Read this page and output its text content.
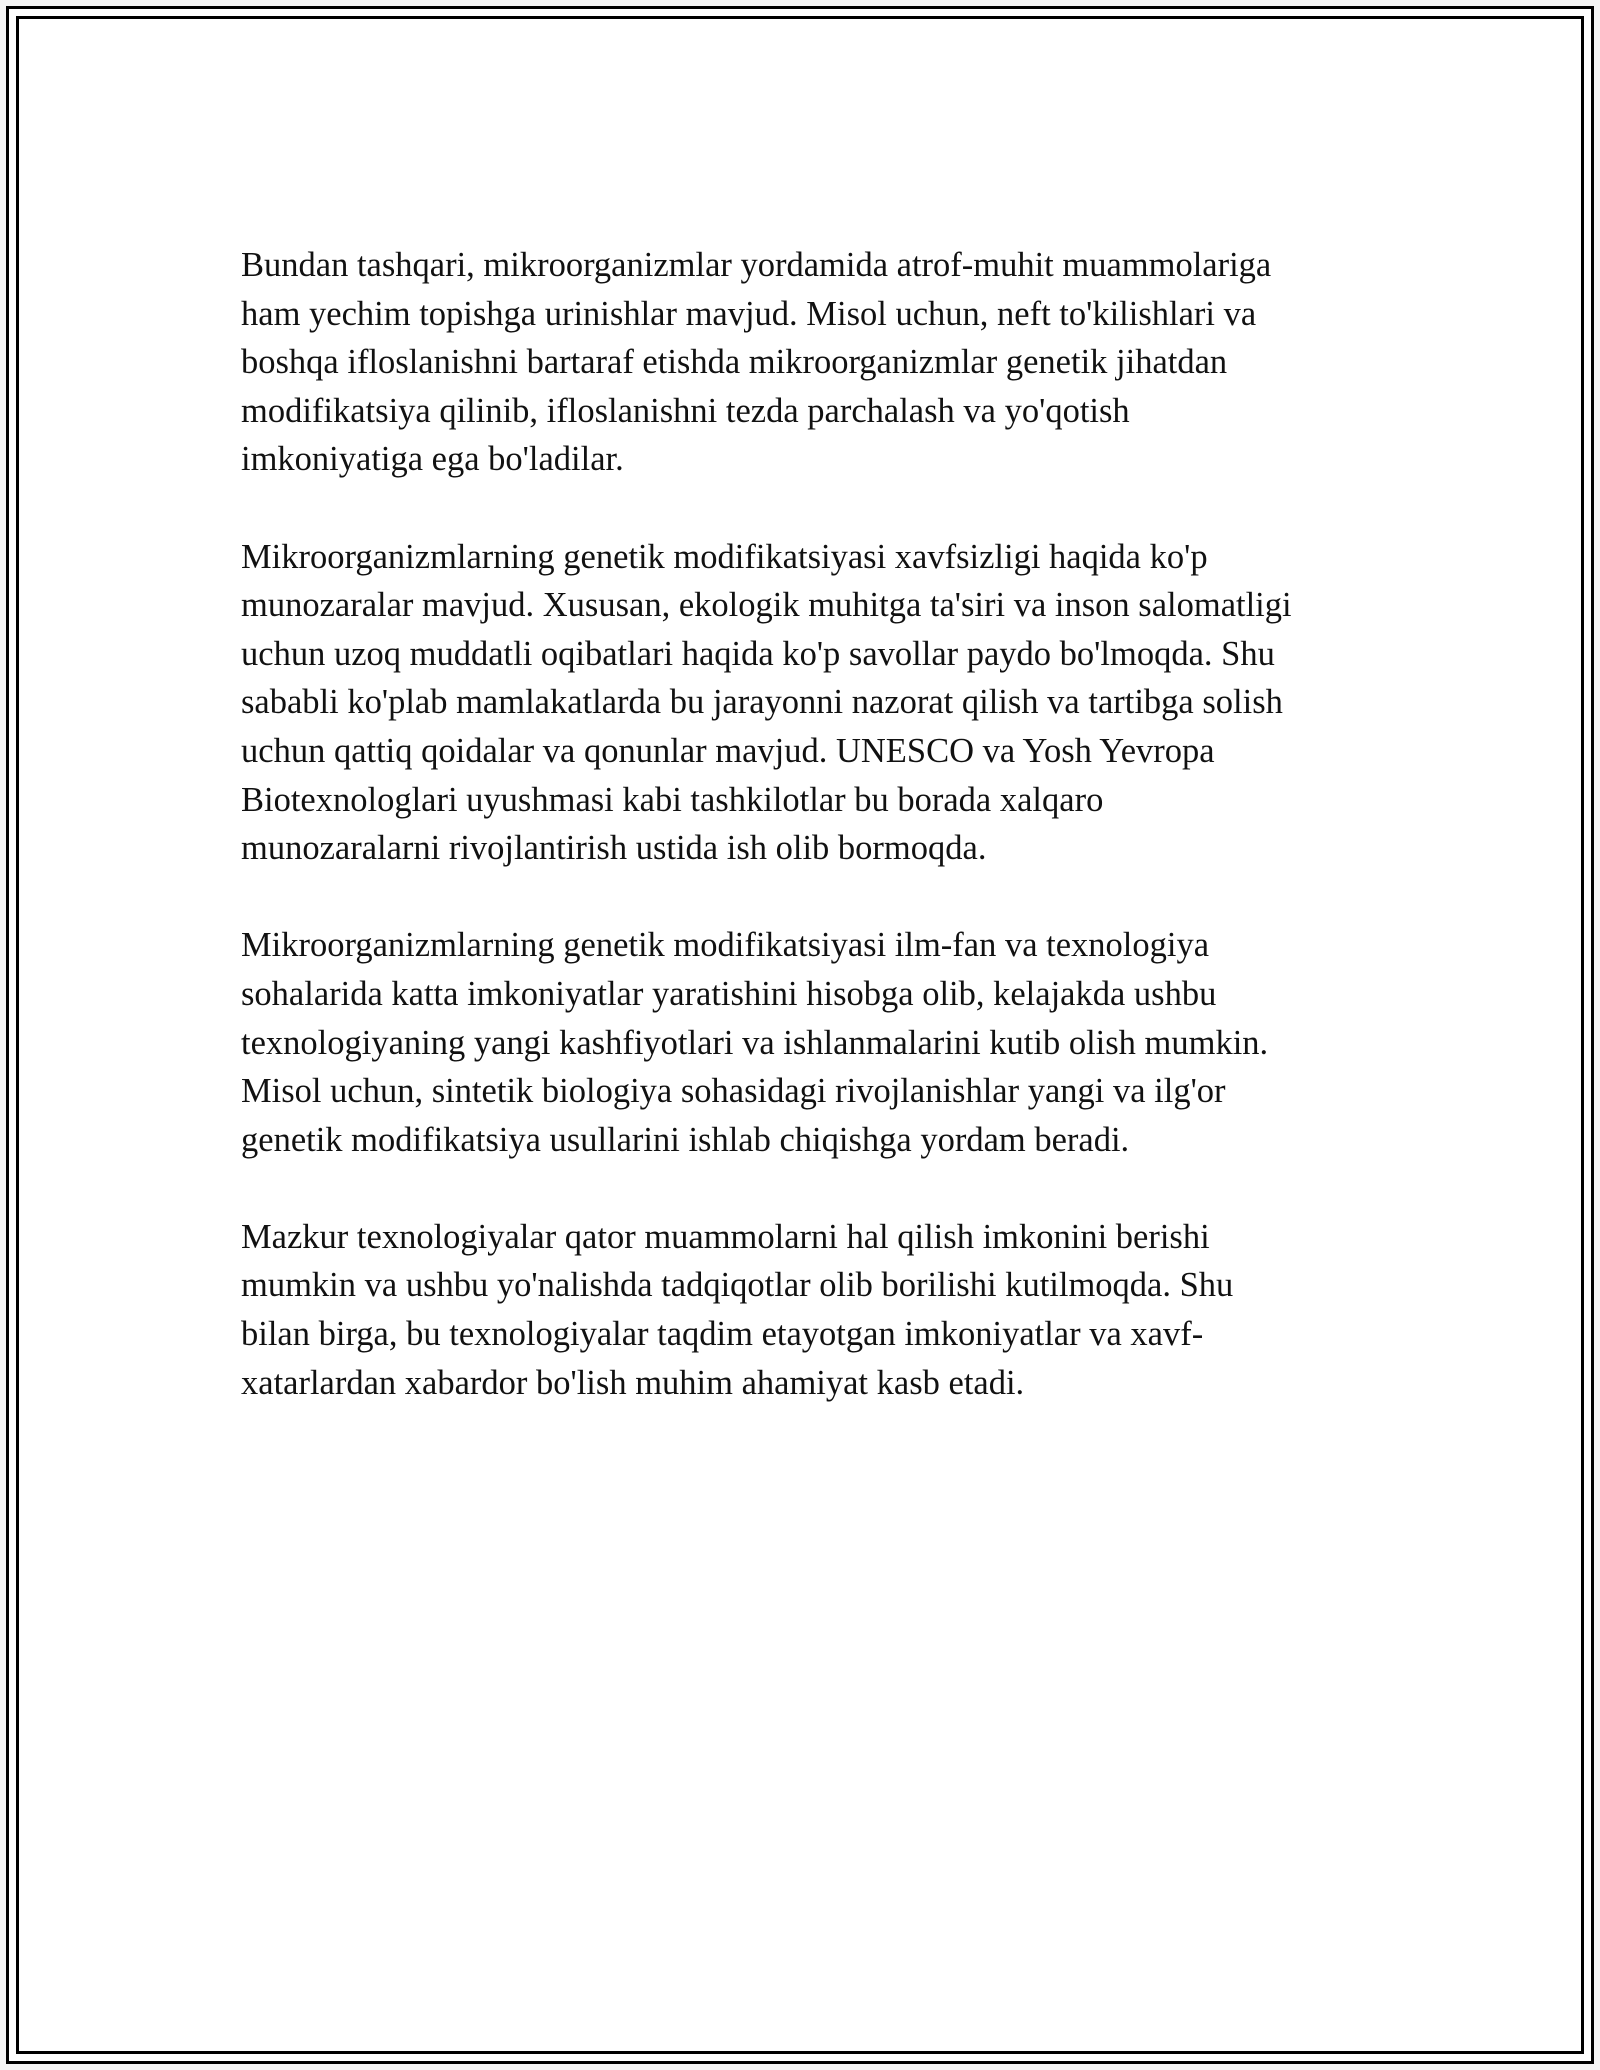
Bundan tashqari, mikroorganizmlar yordamida atrof-muhit muammolariga
ham yechim topishga urinishlar mavjud. Misol uchun, neft to'kilishlari va
boshqa ifloslanishni bartaraf etishda mikroorganizmlar genetik jihatdan
modifikatsiya qilinib, ifloslanishni tezda parchalash va yo'qotish
imkoniyatiga ega bo'ladilar.

Mikroorganizmlarning genetik modifikatsiyasi xavfsizligi haqida ko'p
munozaralar mavjud. Xususan, ekologik muhitga ta'siri va inson salomatligi
uchun uzoq muddatli oqibatlari haqida ko'p savollar paydo bo'lmoqda. Shu
sababli ko'plab mamlakatlarda bu jarayonni nazorat qilish va tartibga solish
uchun qattiq qoidalar va qonunlar mavjud. UNESCO va Yosh Yevropa
Biotexnologlari uyushmasi kabi tashkilotlar bu borada xalqaro
munozaralarni rivojlantirish ustida ish olib bormoqda.

Mikroorganizmlarning genetik modifikatsiyasi ilm-fan va texnologiya
sohalarida katta imkoniyatlar yaratishini hisobga olib, kelajakda ushbu
texnologiyaning yangi kashfiyotlari va ishlanmalarini kutib olish mumkin.
Misol uchun, sintetik biologiya sohasidagi rivojlanishlar yangi va ilg'or
genetik modifikatsiya usullarini ishlab chiqishga yordam beradi.

Mazkur texnologiyalar qator muammolarni hal qilish imkonini berishi
mumkin va ushbu yo'nalishda tadqiqotlar olib borilishi kutilmoqda. Shu
bilan birga, bu texnologiyalar taqdim etayotgan imkoniyatlar va xavf-
xatarlardan xabardor bo'lish muhim ahamiyat kasb etadi.
